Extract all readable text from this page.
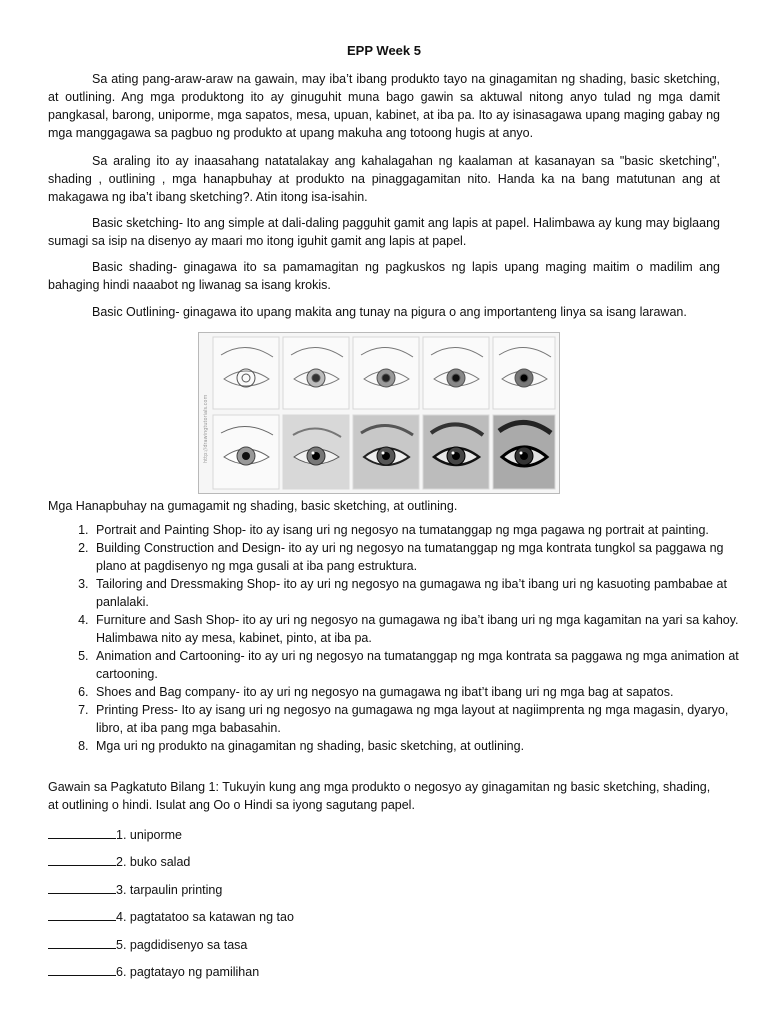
EPP Week 5

Sa ating pang-araw-araw na gawain, may iba’t ibang produkto tayo na ginagamitan ng shading, basic sketching, at outlining. Ang mga produktong ito ay ginuguhit muna bago gawin sa aktuwal nitong anyo tulad ng mga damit pangkasal, barong, uniporme, mga sapatos, mesa, upuan, kabinet, at iba pa. Ito ay isinasagawa upang maging gabay ng mga manggagawa sa pagbuo ng produkto at upang makuha ang totoong hugis at anyo.

Sa araling ito ay inaasahang natatalakay ang kahalagahan ng kaalaman at kasanayan sa "basic sketching", shading , outlining , mga hanapbuhay at produkto na pinaggagamitan nito. Handa ka na bang matutunan ang at makagawa ng iba’t ibang sketching?. Atin itong isa-isahin.

Basic sketching- Ito ang simple at dali-daling pagguhit gamit ang lapis at papel. Halimbawa ay kung may biglaang sumagi sa isip na disenyo ay maari mo itong iguhit gamit ang lapis at papel.

Basic shading- ginagawa ito sa pamamagitan ng pagkuskos ng lapis upang maging maitim o madilim ang bahaging hindi naaabot ng liwanag sa isang krokis.

Basic Outlining- ginagawa ito upang makita ang tunay na pigura o ang importanteng linya sa isang larawan.

http://drawingtutorials.com

Mga Hanapbuhay na gumagamit ng shading, basic sketching, at outlining.

1. Portrait and Painting Shop- ito ay isang uri ng negosyo na tumatanggap ng mga pagawa ng portrait at painting.
2. Building Construction and Design- ito ay uri ng negosyo na tumatanggap ng mga kontrata tungkol sa paggawa ng plano at pagdisenyo ng mga gusali at iba pang estruktura.
3. Tailoring and Dressmaking Shop- ito ay uri ng negosyo na gumagawa ng iba’t ibang uri ng kasuoting pambabae at panlalaki.
4. Furniture and Sash Shop- ito ay uri ng negosyo na gumagawa ng iba’t ibang uri ng mga kagamitan na yari sa kahoy. Halimbawa nito ay mesa, kabinet, pinto, at iba pa.
5. Animation and Cartooning- ito ay uri ng negosyo na tumatanggap ng mga kontrata sa paggawa ng mga animation at cartooning.
6. Shoes and Bag company- ito ay uri ng negosyo na gumagawa ng ibat’t ibang uri ng mga bag at sapatos.
7. Printing Press- Ito ay isang uri ng negosyo na gumagawa ng mga layout at nagiimprenta ng mga magasin, dyaryo, libro, at iba pang mga babasahin.
8. Mga uri ng produkto na ginagamitan ng shading, basic sketching, at outlining.

Gawain sa Pagkatuto Bilang 1: Tukuyin kung ang mga produkto o negosyo ay ginagamitan ng basic sketching, shading, at outlining o hindi. Isulat ang Oo o Hindi sa iyong sagutang papel.

1. uniporme
2. buko salad
3. tarpaulin printing
4. pagtatatoo sa katawan ng tao
5. pagdidisenyo sa tasa
6. pagtatayo ng pamilihan
